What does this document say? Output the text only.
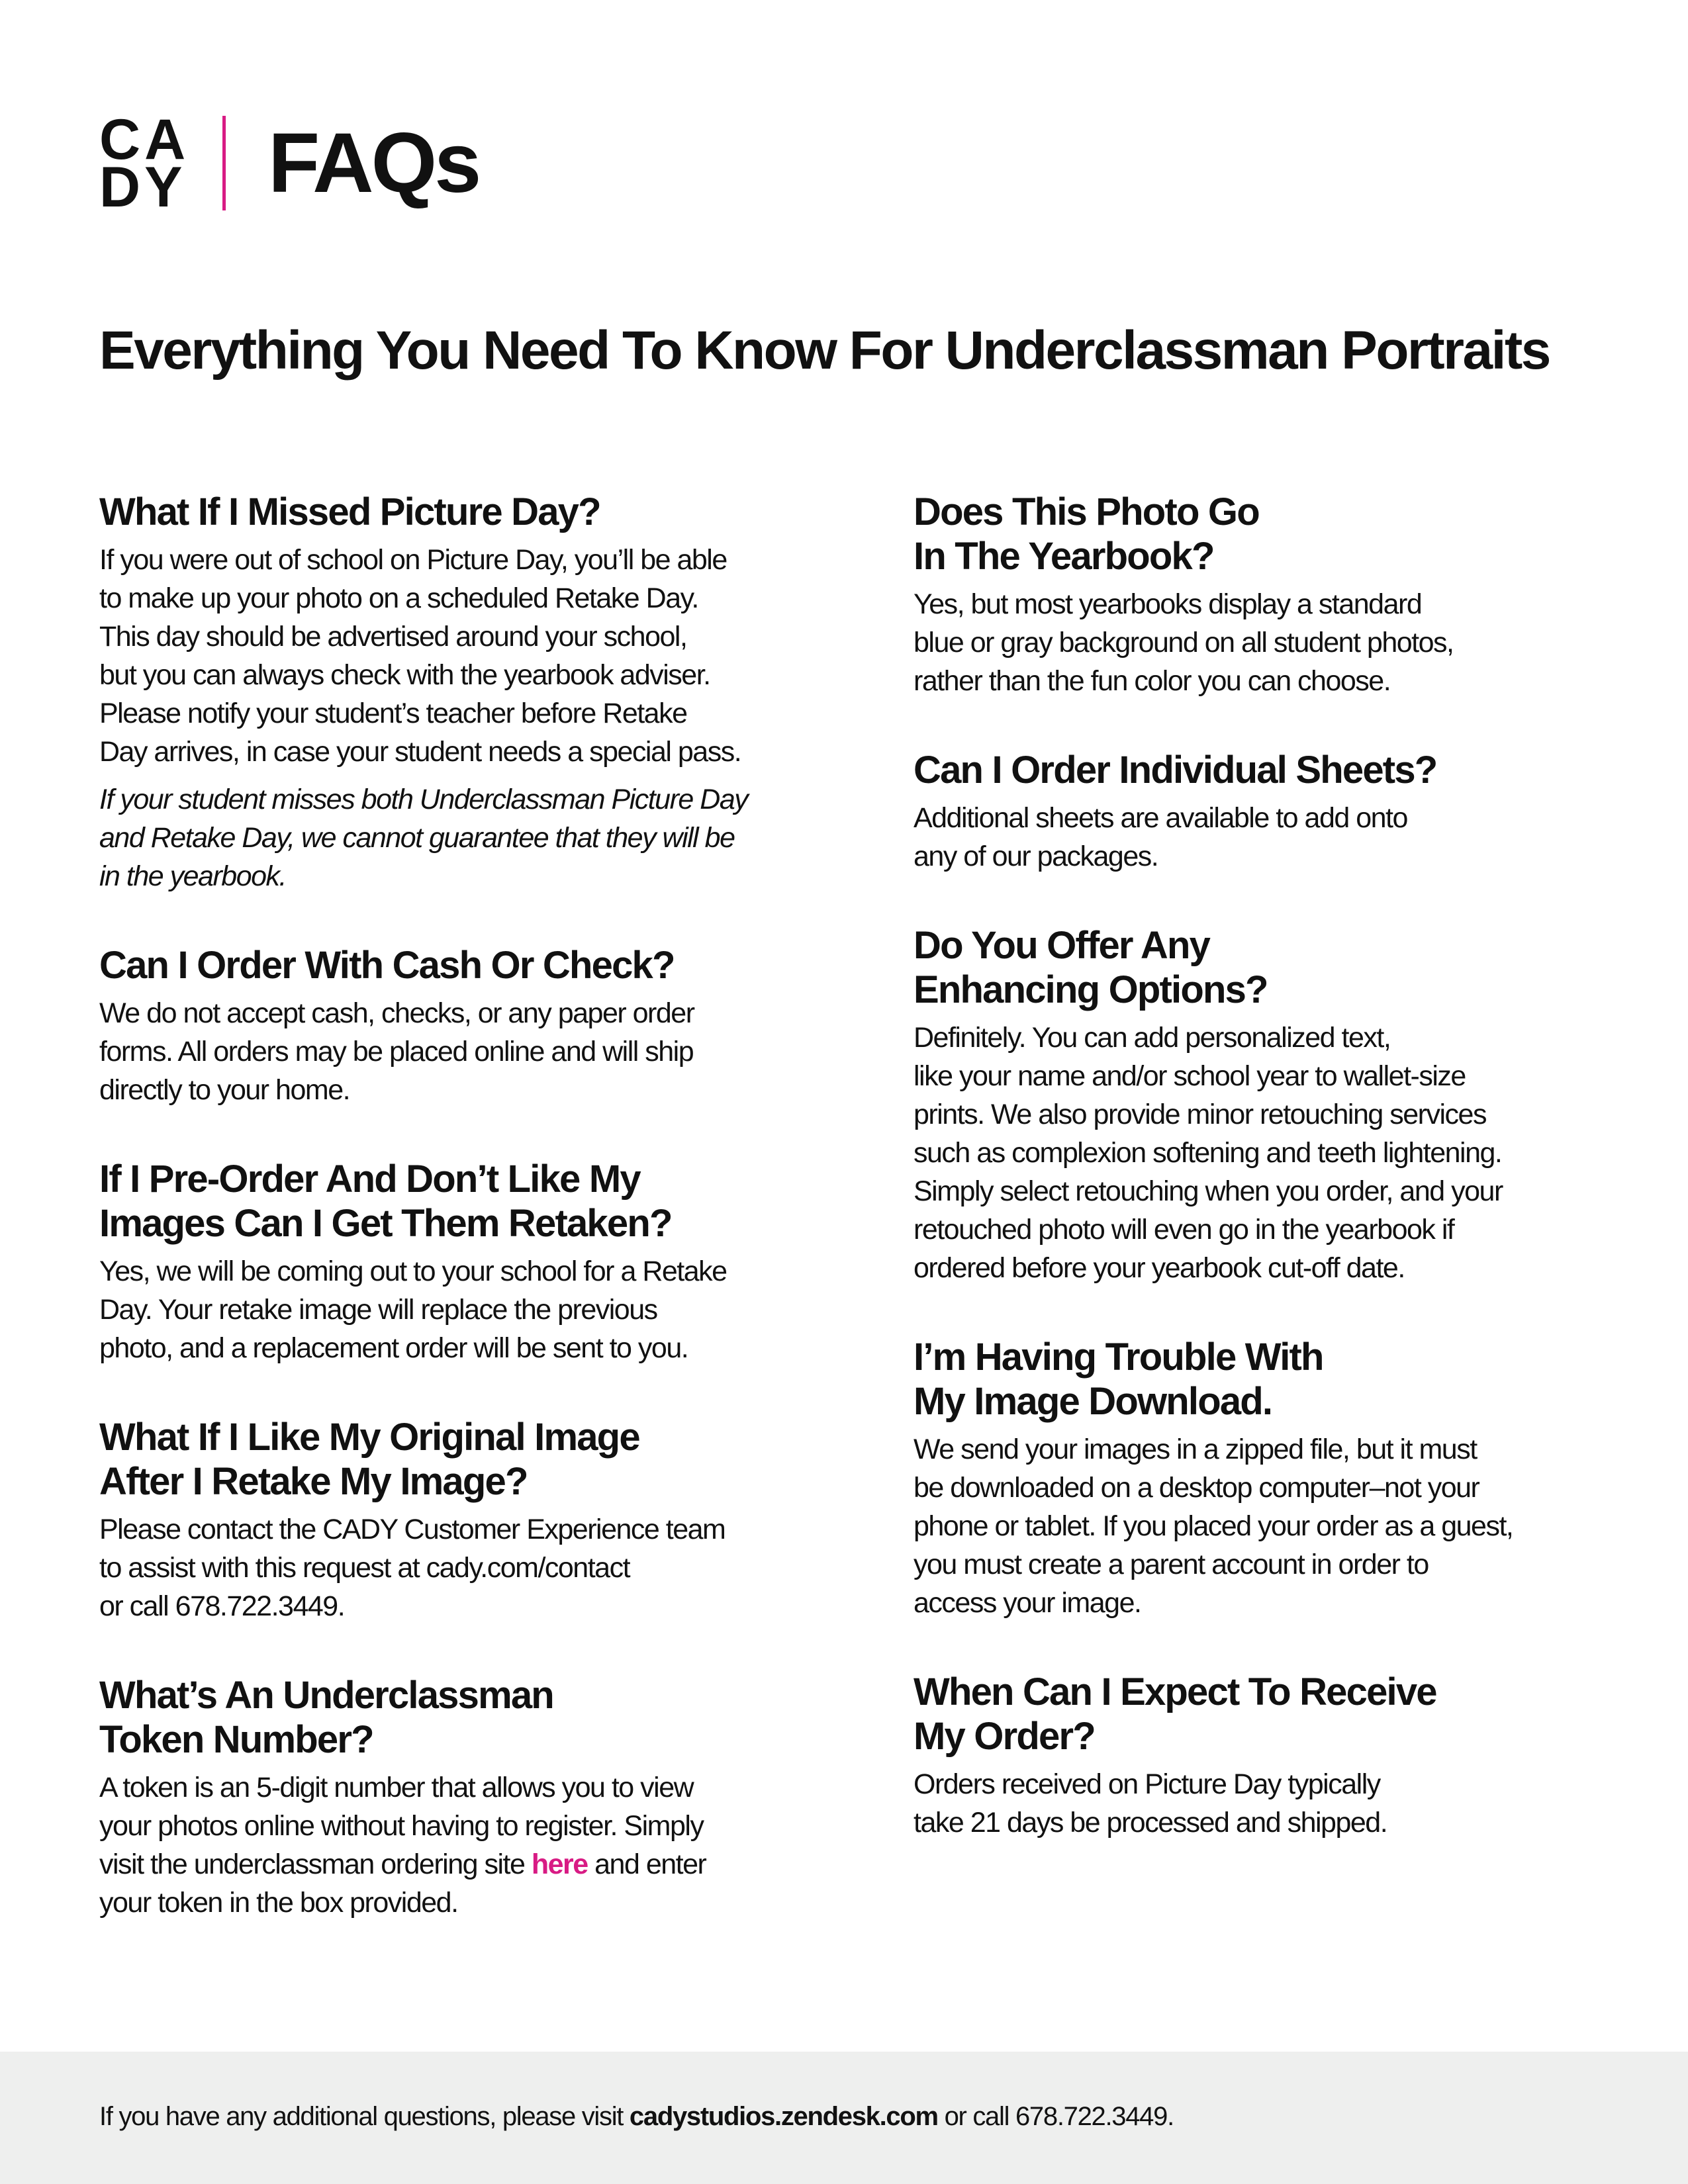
CA
DY FAQs
Everything You Need To Know For Underclassman Portraits
What If I Missed Picture Day?

If you were out of school on Picture Day, you’ll be able
to make up your photo on a scheduled Retake Day.
This day should be advertised around your school,
but you can always check with the yearbook adviser.
Please notify your student’s teacher before Retake
Day arrives, in case your student needs a special pass.

If your student misses both Underclassman Picture Day
and Retake Day, we cannot guarantee that they will be
in the yearbook.

Can I Order With Cash Or Check?

We do not accept cash, checks, or any paper order
forms. All orders may be placed online and will ship
directly to your home.

If I Pre-Order And Don’t Like My
Images Can I Get Them Retaken?

Yes, we will be coming out to your school for a Retake
Day. Your retake image will replace the previous
photo, and a replacement order will be sent to you.

What If I Like My Original Image
After I Retake My Image?

Please contact the CADY Customer Experience team
to assist with this request at cady.com/contact
or call 678.722.3449.

What’s An Underclassman
Token Number?

A token is an 5-digit number that allows you to view
your photos online without having to register. Simply
visit the underclassman ordering site here and enter
your token in the box provided.

Does This Photo Go
In The Yearbook?

Yes, but most yearbooks display a standard
blue or gray background on all student photos,
rather than the fun color you can choose.

Can I Order Individual Sheets?

Additional sheets are available to add onto
any of our packages.

Do You Offer Any
Enhancing Options?

Definitely. You can add personalized text,
like your name and/or school year to wallet-size
prints. We also provide minor retouching services
such as complexion softening and teeth lightening.
Simply select retouching when you order, and your
retouched photo will even go in the yearbook if
ordered before your yearbook cut-off date.

I’m Having Trouble With
My Image Download.

We send your images in a zipped file, but it must
be downloaded on a desktop computer–not your
phone or tablet. If you placed your order as a guest,
you must create a parent account in order to
access your image.

When Can I Expect To Receive
My Order?

Orders received on Picture Day typically
take 21 days be processed and shipped.

If you have any additional questions, please visit cadystudios.zendesk.com or call 678.722.3449.
